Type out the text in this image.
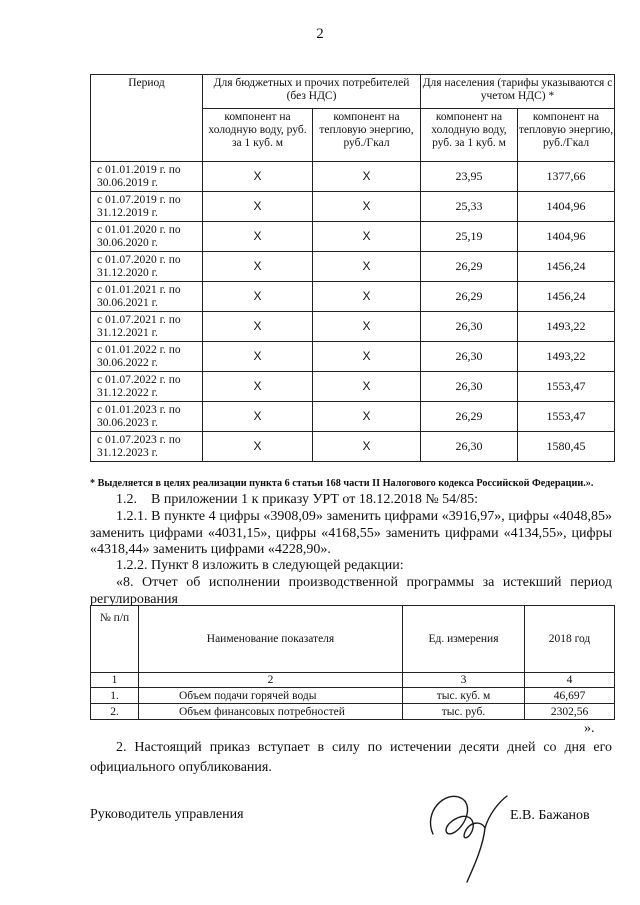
2
Период	Для бюджетных и прочих потребителей (без НДС)		Для населения (тарифы указываются с учетом НДС) *	
	компонент на холодную воду, руб. за 1 куб. м	компонент на тепловую энергию, руб./Гкал	компонент на холодную воду, руб. за 1 куб. м	компонент на тепловую энергию, руб./Гкал
с 01.01.2019 г. по 30.06.2019 г.	X	X	23,95	1377,66
с 01.07.2019 г. по 31.12.2019 г.	X	X	25,33	1404,96
с 01.01.2020 г. по 30.06.2020 г.	X	X	25,19	1404,96
с 01.07.2020 г. по 31.12.2020 г.	X	X	26,29	1456,24
с 01.01.2021 г. по 30.06.2021 г.	X	X	26,29	1456,24
с 01.07.2021 г. по 31.12.2021 г.	X	X	26,30	1493,22
с 01.01.2022 г. по 30.06.2022 г.	X	X	26,30	1493,22
с 01.07.2022 г. по 31.12.2022 г.	X	X	26,30	1553,47
с 01.01.2023 г. по 30.06.2023 г.	X	X	26,29	1553,47
с 01.07.2023 г. по 31.12.2023 г.	X	X	26,30	1580,45
* Выделяется в целях реализации пункта 6 статьи 168 части II Налогового кодекса Российской Федерации.».
1.2.    В приложении 1 к приказу УРТ от 18.12.2018 № 54/85:
1.2.1. В пункте 4 цифры «3908,09» заменить цифрами «3916,97», цифры «4048,85» заменить цифрами «4031,15», цифры «4168,55» заменить цифрами «4134,55», цифры «4318,44» заменить цифрами «4228,90».
1.2.2. Пункт 8 изложить в следующей редакции:
«8. Отчет об исполнении производственной программы за истекший период регулирования
№ п/п	Наименование показателя	Ед. измерения	2018 год
1	2	3	4
1.	Объем подачи горячей воды	тыс. куб. м	46,697
2.	Объем финансовых потребностей	тыс. руб.	2302,56
».
2. Настоящий приказ вступает в силу по истечении десяти дней со дня его официального опубликования.
Руководитель управления	Е.В. Бажанов
